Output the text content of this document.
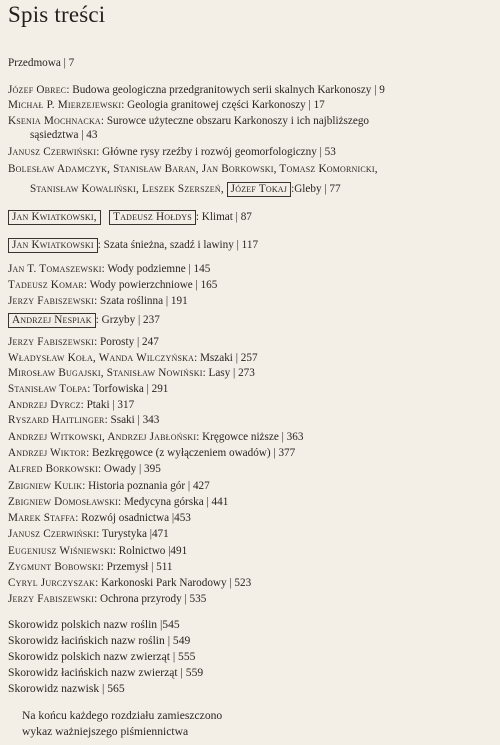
Spis treści
Przedmowa | 7
Józef Obrec: Budowa geologiczna przedgranitowych serii skalnych Karkonoszy | 9
Michał P. Mierzejewski: Geologia granitowej części Karkonoszy | 17
Ksenia Mochnacka: Surowce użyteczne obszaru Karkonoszy i ich najbliższego
sąsiedztwa | 43
Janusz Czerwiński: Główne rysy rzeźby i rozwój geomorfologiczny | 53
Bolesław Adamczyk, Stanisław Baran, Jan Borkowski, Tomasz Komornicki,
Stanisław Kowaliński, Leszek Szerszeń, Józef Tokaj :Gleby | 77
Jan Kwiatkowski, Tadeusz Hołdys : Klimat | 87
Jan Kwiatkowski : Szata śnieżna, szadź i lawiny | 117
Jan T. Tomaszewski: Wody podziemne | 145
Tadeusz Komar: Wody powierzchniowe | 165
Jerzy Fabiszewski: Szata roślinna | 191
Andrzej Nespiak : Grzyby | 237
Jerzy Fabiszewski: Porosty | 247
Władysław Koła, Wanda Wilczyńska: Mszaki | 257
Mirosław Bugajski, Stanisław Nowiński: Lasy | 273
Stanisław Tołpa: Torfowiska | 291
Andrzej Dyrcz: Ptaki | 317
Ryszard Haitlinger: Ssaki | 343
Andrzej Witkowski, Andrzej Jabłoński: Kręgowce niższe | 363
Andrzej Wiktor: Bezkręgowce (z wyłączeniem owadów) | 377
Alfred Borkowski: Owady | 395
Zbigniew Kulik: Historia poznania gór | 427
Zbigniew Domosławski: Medycyna górska | 441
Marek Staffa: Rozwój osadnictwa |453
Janusz Czerwiński: Turystyka |471
Eugeniusz Wiśniewski: Rolnictwo |491
Zygmunt Bobowski: Przemysł | 511
Cyryl Jurczyszak: Karkonoski Park Narodowy | 523
Jerzy Fabiszewski: Ochrona przyrody | 535
Skorowidz polskich nazw roślin |545
Skorowidz łacińskich nazw roślin | 549
Skorowidz polskich nazw zwierząt | 555
Skorowidz łacińskich nazw zwierząt | 559
Skorowidz nazwisk | 565
Na końcu każdego rozdziału zamieszczono
wykaz ważniejszego piśmiennictwa
